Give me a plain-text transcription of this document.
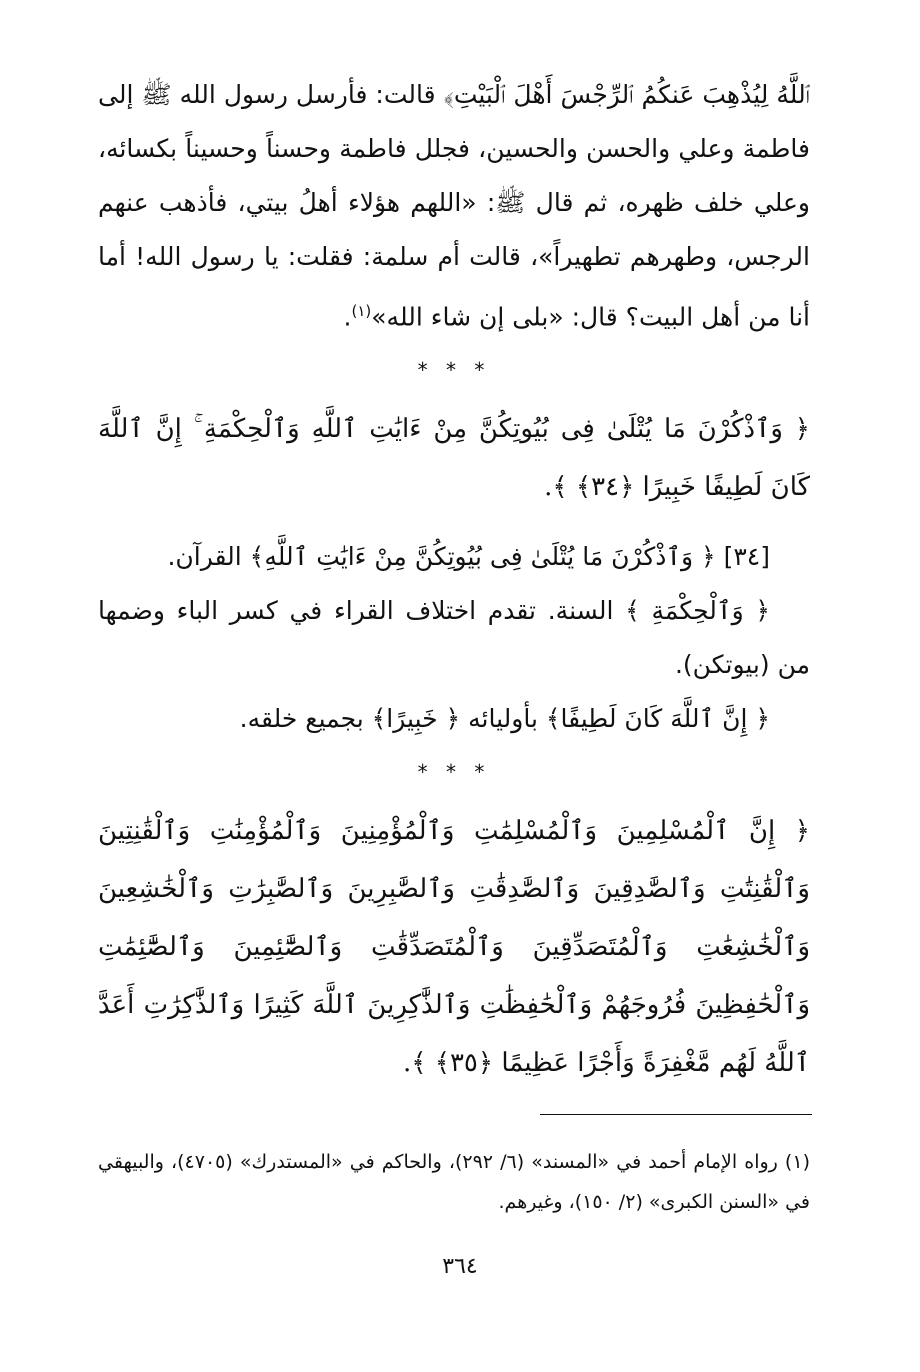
ٱللَّهُ لِيُذْهِبَ عَنكُمُ ٱلرِّجْسَ أَهْلَ ٱلْبَيْتِ﴾ قالت: فأرسل رسول الله ﷺ إلى فاطمة وعلي والحسن والحسين، فجلل فاطمة وحسناً وحسيناً بكسائه، وعلي خلف ظهره، ثم قال ﷺ: «اللهم هؤلاء أهلُ بيتي، فأذهب عنهم الرجس، وطهرهم تطهيراً»، قالت أم سلمة: فقلت: يا رسول الله! أما أنا من أهل البيت؟ قال: «بلى إن شاء الله»$^{(١)}$.

* * *

﴿ وَٱذْكُرْنَ مَا يُتْلَىٰ فِى بُيُوتِكُنَّ مِنْ ءَايَٰتِ ٱللَّهِ وَٱلْحِكْمَةِ ۚ إِنَّ ٱللَّهَ كَانَ لَطِيفًا خَبِيرًا ﴿٣٤﴾ ﴾.

[٣٤] ﴿ وَٱذْكُرْنَ مَا يُتْلَىٰ فِى بُيُوتِكُنَّ مِنْ ءَايَٰتِ ٱللَّهِ﴾ القرآن.

﴿ وَٱلْحِكْمَةِ ﴾ السنة. تقدم اختلاف القراء في كسر الباء وضمها من (بيوتكن).

﴿ إِنَّ ٱللَّهَ كَانَ لَطِيفًا﴾ بأوليائه ﴿ خَبِيرًا﴾ بجميع خلقه.

* * *

﴿ إِنَّ ٱلْمُسْلِمِينَ وَٱلْمُسْلِمَٰتِ وَٱلْمُؤْمِنِينَ وَٱلْمُؤْمِنَٰتِ وَٱلْقَٰنِتِينَ وَٱلْقَٰنِتَٰتِ وَٱلصَّٰدِقِينَ وَٱلصَّٰدِقَٰتِ وَٱلصَّٰبِرِينَ وَٱلصَّٰبِرَٰتِ وَٱلْخَٰشِعِينَ وَٱلْخَٰشِعَٰتِ وَٱلْمُتَصَدِّقِينَ وَٱلْمُتَصَدِّقَٰتِ وَٱلصَّٰٓئِمِينَ وَٱلصَّٰٓئِمَٰتِ وَٱلْحَٰفِظِينَ فُرُوجَهُمْ وَٱلْحَٰفِظَٰتِ وَٱلذَّٰكِرِينَ ٱللَّهَ كَثِيرًا وَٱلذَّٰكِرَٰتِ أَعَدَّ ٱللَّهُ لَهُم مَّغْفِرَةً وَأَجْرًا عَظِيمًا ﴿٣٥﴾ ﴾.

(١) رواه الإمام أحمد في «المسند» (٦/ ٢٩٢)، والحاكم في «المستدرك» (٤٧٠٥)، والبيهقي في «السنن الكبرى» (٢/ ١٥٠)، وغيرهم.

٣٦٤
